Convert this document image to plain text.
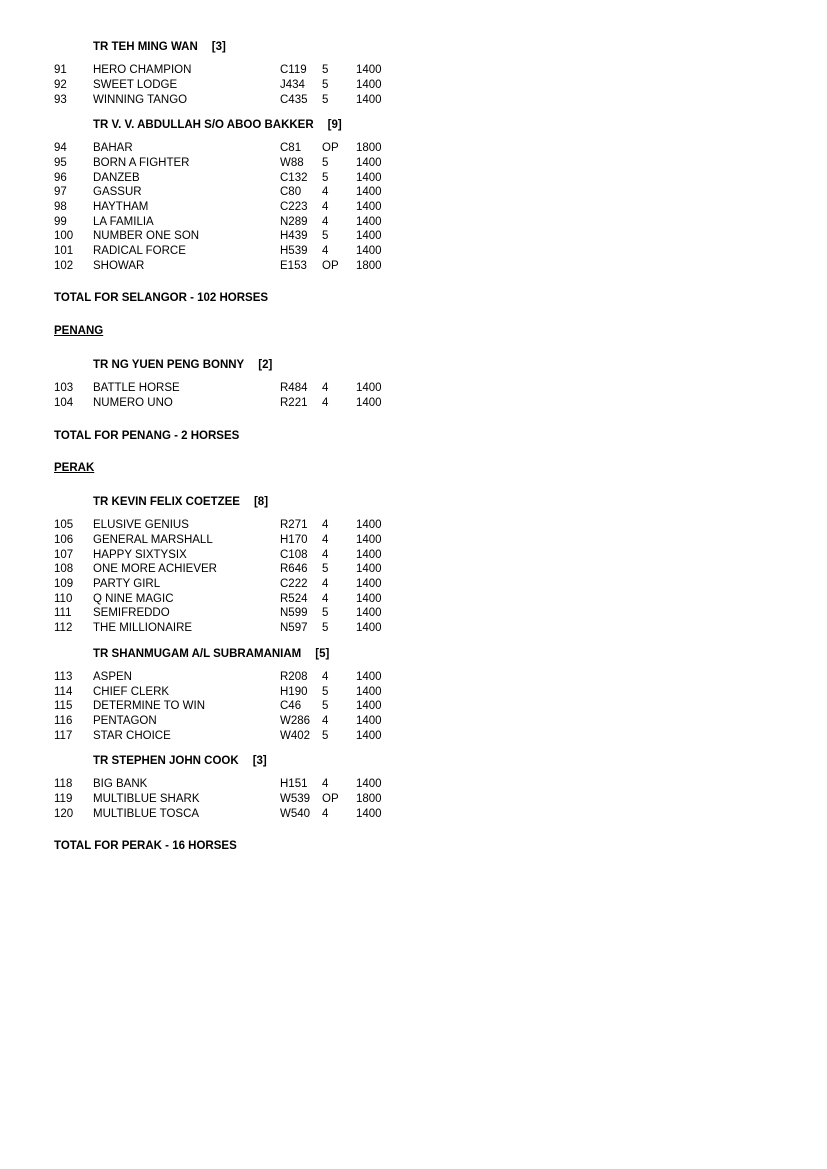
TR TEH MING WAN [3]
91 HERO CHAMPION	C119 5 1400
92 SWEET LODGE	J434 5 1400
93 WINNING TANGO	C435 5 1400
TR V. V. ABDULLAH S/O ABOO BAKKER [9]
94 BAHAR	C81 OP 1800
95 BORN A FIGHTER	W88 5 1400
96 DANZEB	C132 5 1400
97 GASSUR	C80 4 1400
98 HAYTHAM	C223 4 1400
99 LA FAMILIA	N289 4 1400
100 NUMBER ONE SON	H439 5 1400
101 RADICAL FORCE	H539 4 1400
102 SHOWAR	E153 OP 1800
TOTAL FOR SELANGOR - 102 HORSES
PENANG
TR NG YUEN PENG BONNY [2]
103 BATTLE HORSE	R484 4 1400
104 NUMERO UNO	R221 4 1400
TOTAL FOR PENANG - 2 HORSES
PERAK
TR KEVIN FELIX COETZEE [8]
105 ELUSIVE GENIUS	R271 4 1400
106 GENERAL MARSHALL	H170 4 1400
107 HAPPY SIXTYSIX	C108 4 1400
108 ONE MORE ACHIEVER	R646 5 1400
109 PARTY GIRL	C222 4 1400
110 Q NINE MAGIC	R524 4 1400
111 SEMIFREDDO	N599 5 1400
112 THE MILLIONAIRE	N597 5 1400
TR SHANMUGAM A/L SUBRAMANIAM [5]
113 ASPEN	R208 4 1400
114 CHIEF CLERK	H190 5 1400
115 DETERMINE TO WIN	C46 5 1400
116 PENTAGON	W286 4 1400
117 STAR CHOICE	W402 5 1400
TR STEPHEN JOHN COOK [3]
118 BIG BANK	H151 4 1400
119 MULTIBLUE SHARK	W539 OP 1800
120 MULTIBLUE TOSCA	W540 4 1400
TOTAL FOR PERAK - 16 HORSES
